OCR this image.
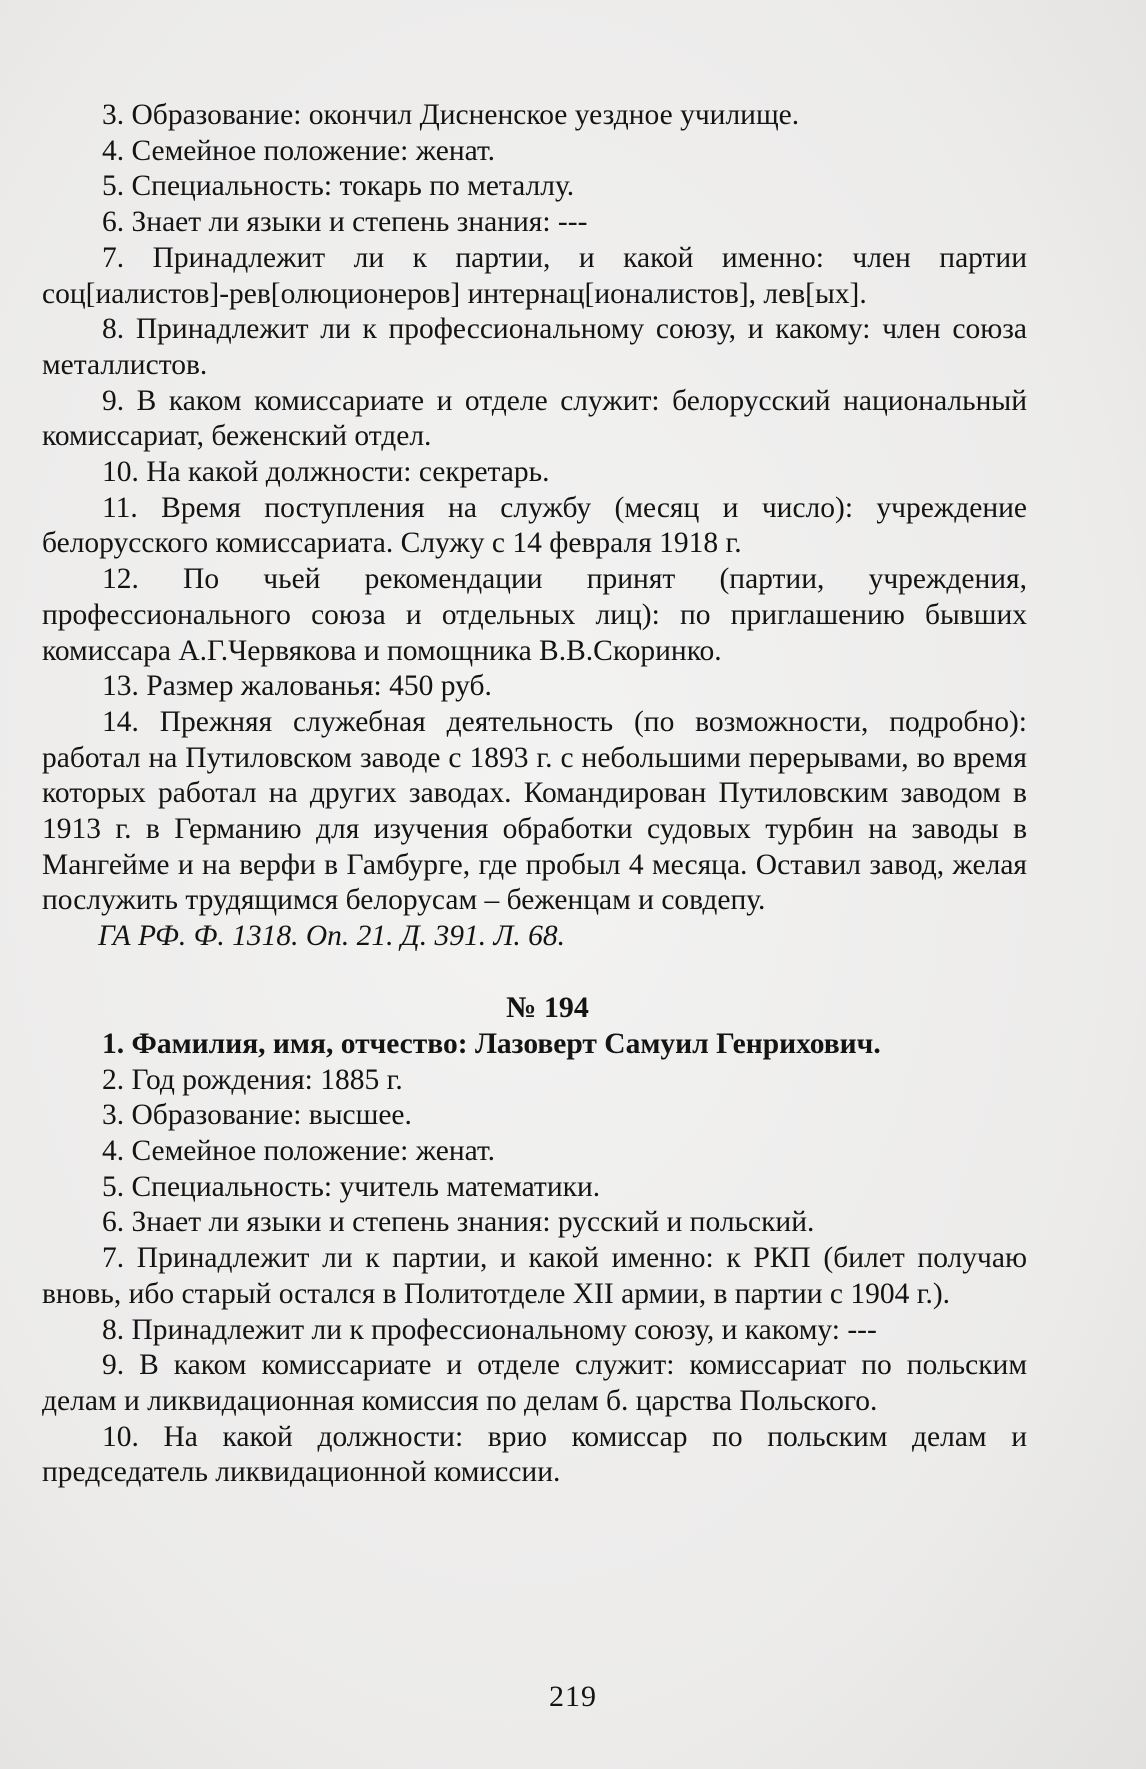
3. Образование: окончил Дисненское уездное училище.

4. Семейное положение: женат.

5. Специальность: токарь по металлу.

6. Знает ли языки и степень знания: ---

7. Принадлежит ли к партии, и какой именно: член партии соц[иалистов]-рев[олюционеров] интернац[ионалистов], лев[ых].

8. Принадлежит ли к профессиональному союзу, и какому: член союза металлистов.

9. В каком комиссариате и отделе служит: белорусский национальный комиссариат, беженский отдел.

10. На какой должности: секретарь.

11. Время поступления на службу (месяц и число): учреждение белорусского комиссариата. Служу с 14 февраля 1918 г.

12. По чьей рекомендации принят (партии, учреждения, профессионального союза и отдельных лиц): по приглашению бывших комиссара А.Г.Червякова и помощника В.В.Скоринко.

13. Размер жалованья: 450 руб.

14. Прежняя служебная деятельность (по возможности, подробно): работал на Путиловском заводе с 1893 г. с небольшими перерывами, во время которых работал на других заводах. Командирован Путиловским заводом в 1913 г. в Германию для изучения обработки судовых турбин на заводы в Мангейме и на верфи в Гамбурге, где пробыл 4 месяца. Оставил завод, желая послужить трудящимся белорусам – беженцам и совдепу.

ГА РФ. Ф. 1318. Оп. 21. Д. 391. Л. 68.

№ 194

1. Фамилия, имя, отчество: Лазоверт Самуил Генрихович.

2. Год рождения: 1885 г.

3. Образование: высшее.

4. Семейное положение: женат.

5. Специальность: учитель математики.

6. Знает ли языки и степень знания: русский и польский.

7. Принадлежит ли к партии, и какой именно: к РКП (билет получаю вновь, ибо старый остался в Политотделе XII армии, в партии с 1904 г.).

8. Принадлежит ли к профессиональному союзу, и какому: ---

9. В каком комиссариате и отделе служит: комиссариат по польским делам и ликвидационная комиссия по делам б. царства Польского.

10. На какой должности: врио комиссар по польским делам и председатель ликвидационной комиссии.

219
